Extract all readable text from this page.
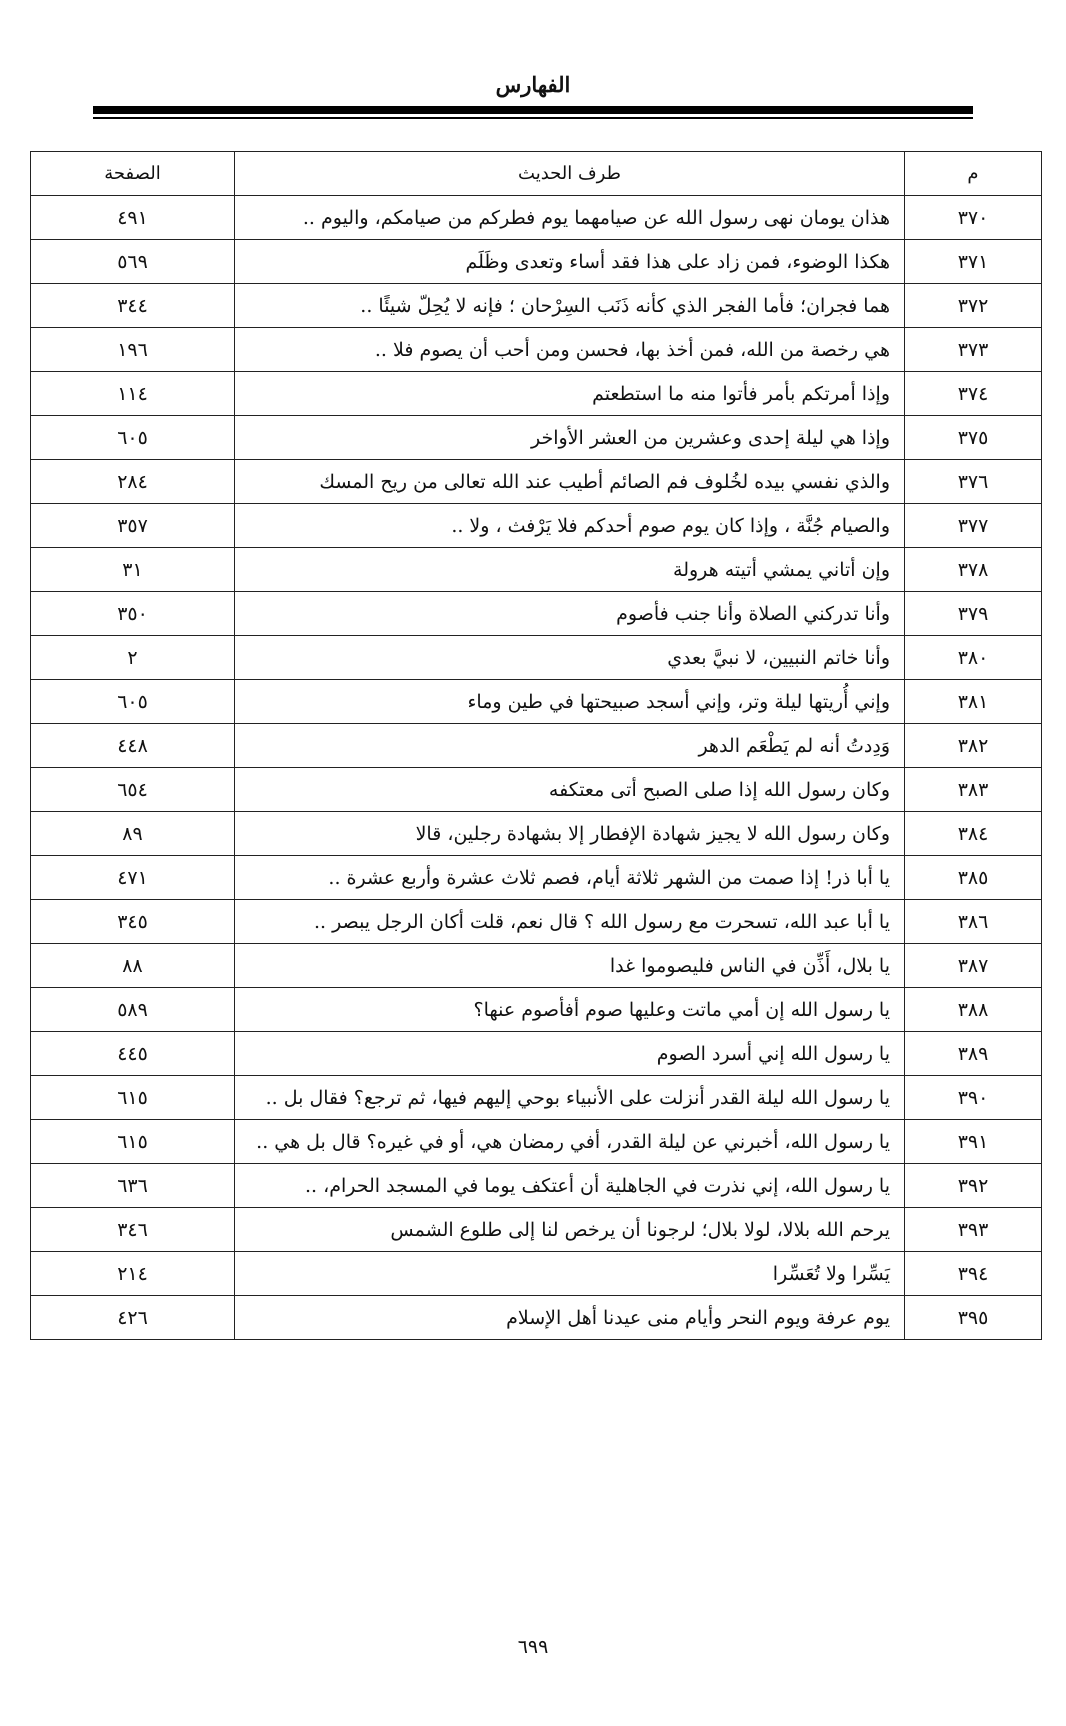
الفهارس
م	طرف الحديث	الصفحة
٣٧٠	هذان يومان نهى رسول الله عن صيامهما يوم فطركم من صيامكم، واليوم ..	٤٩١
٣٧١	هكذا الوضوء، فمن زاد على هذا فقد أساء وتعدى وظَلَم	٥٦٩
٣٧٢	هما فجران؛ فأما الفجر الذي كأنه ذَنَب السِرْحان ؛ فإنه لا يُحِلّ شيئًا ..	٣٤٤
٣٧٣	هي رخصة من الله، فمن أخذ بها، فحسن ومن أحب أن يصوم فلا ..	١٩٦
٣٧٤	وإذا أمرتكم بأمر فأتوا منه ما استطعتم	١١٤
٣٧٥	وإذا هي ليلة إحدى وعشرين من العشر الأواخر	٦٠٥
٣٧٦	والذي نفسي بيده لخُلوف فم الصائم أطيب عند الله تعالى من ريح المسك	٢٨٤
٣٧٧	والصيام جُنَّة ، وإذا كان يوم صوم أحدكم فلا يَرْفث ، ولا ..	٣٥٧
٣٧٨	وإن أتاني يمشي أتيته هرولة	٣١
٣٧٩	وأنا تدركني الصلاة وأنا جنب فأصوم	٣٥٠
٣٨٠	وأنا خاتم النبيين، لا نبيَّ بعدي	٢
٣٨١	وإني أُريتها ليلة وتر، وإني أسجد صبيحتها في طين وماء	٦٠٥
٣٨٢	وَدِدتُ أنه لم يَطْعَم الدهر	٤٤٨
٣٨٣	وكان رسول الله إذا صلى الصبح أتى معتكفه	٦٥٤
٣٨٤	وكان رسول الله لا يجيز شهادة الإفطار إلا بشهادة رجلين، قالا	٨٩
٣٨٥	يا أبا ذر! إذا صمت من الشهر ثلاثة أيام، فصم ثلاث عشرة وأربع عشرة ..	٤٧١
٣٨٦	يا أبا عبد الله، تسحرت مع رسول الله ؟ قال نعم، قلت أكان الرجل يبصر ..	٣٤٥
٣٨٧	يا بلال، أَذِّن في الناس فليصوموا غدا	٨٨
٣٨٨	يا رسول الله إن أمي ماتت وعليها صوم أفأصوم عنها؟	٥٨٩
٣٨٩	يا رسول الله إني أسرد الصوم	٤٤٥
٣٩٠	يا رسول الله ليلة القدر أنزلت على الأنبياء بوحي إليهم فيها، ثم ترجع؟ فقال بل ..	٦١٥
٣٩١	يا رسول الله، أخبرني عن ليلة القدر، أفي رمضان هي، أو في غيره؟ قال بل هي ..	٦١٥
٣٩٢	يا رسول الله، إني نذرت في الجاهلية أن أعتكف يوما في المسجد الحرام، ..	٦٣٦
٣٩٣	يرحم الله بلالا، لولا بلال؛ لرجونا أن يرخص لنا إلى طلوع الشمس	٣٤٦
٣٩٤	يَسِّرا ولا تُعَسِّرا	٢١٤
٣٩٥	يوم عرفة ويوم النحر وأيام منى عيدنا أهل الإسلام	٤٢٦
٦٩٩
